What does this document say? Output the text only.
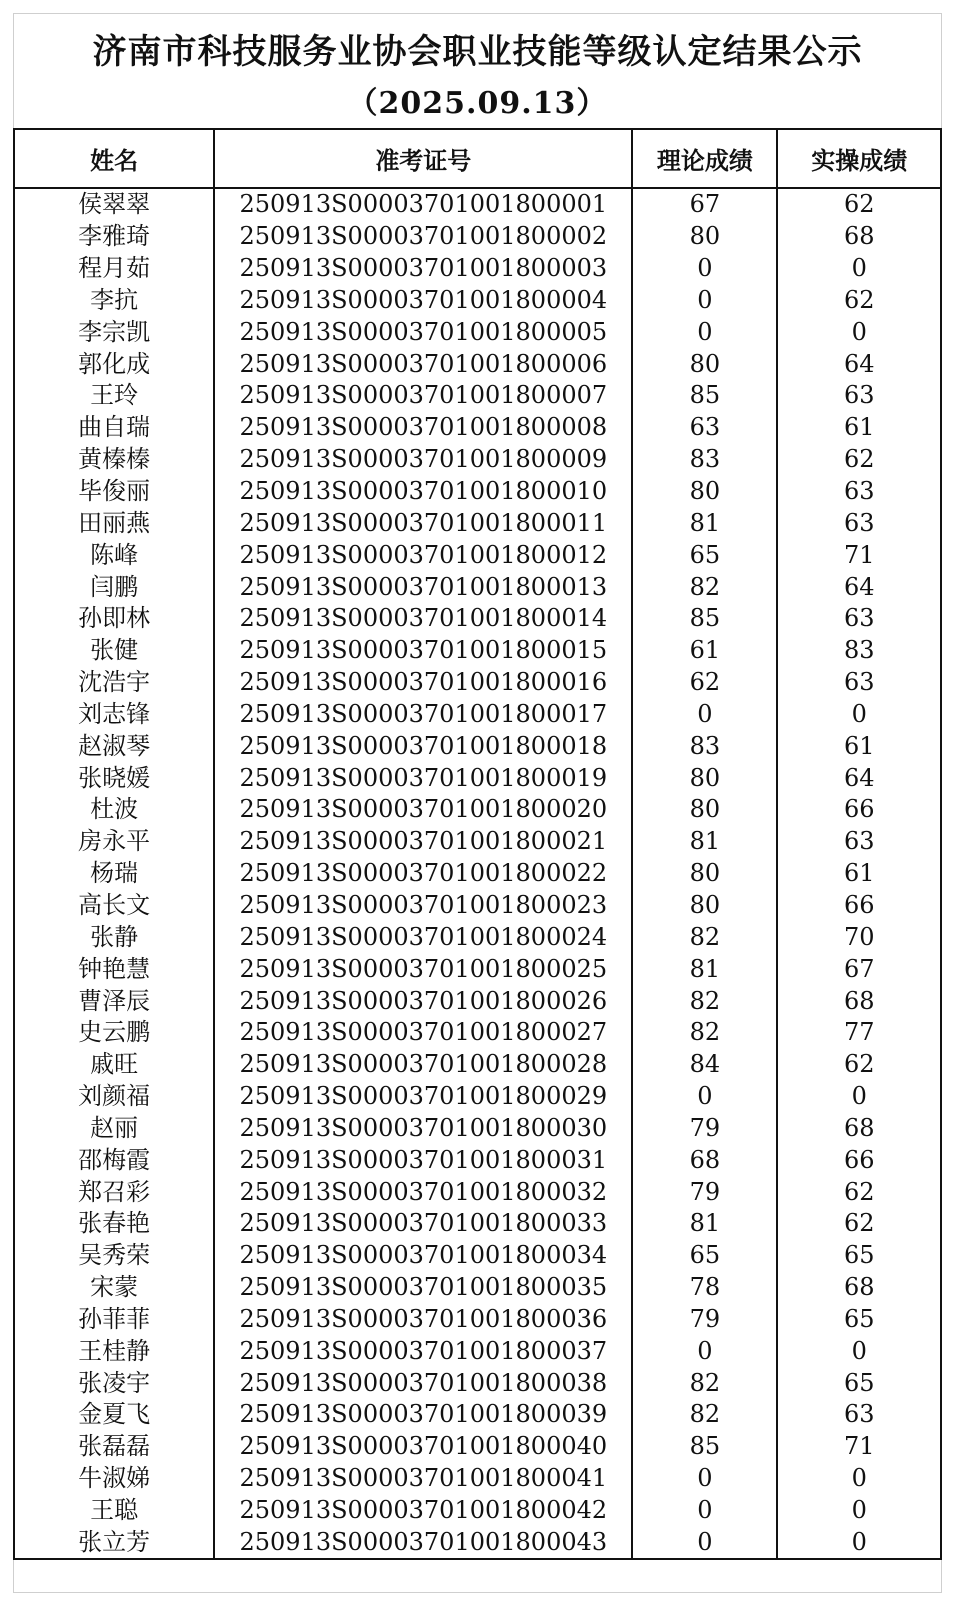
济南市科技服务业协会职业技能等级认定结果公示
（2025.09.13）
姓名	准考证号	理论成绩	实操成绩
侯翠翠	250913S00003701001800001	67	62
李雅琦	250913S00003701001800002	80	68
程月茹	250913S00003701001800003	0	0
李抗	250913S00003701001800004	0	62
李宗凯	250913S00003701001800005	0	0
郭化成	250913S00003701001800006	80	64
王玲	250913S00003701001800007	85	63
曲自瑞	250913S00003701001800008	63	61
黄榛榛	250913S00003701001800009	83	62
毕俊丽	250913S00003701001800010	80	63
田丽燕	250913S00003701001800011	81	63
陈峰	250913S00003701001800012	65	71
闫鹏	250913S00003701001800013	82	64
孙即林	250913S00003701001800014	85	63
张健	250913S00003701001800015	61	83
沈浩宇	250913S00003701001800016	62	63
刘志锋	250913S00003701001800017	0	0
赵淑琴	250913S00003701001800018	83	61
张晓媛	250913S00003701001800019	80	64
杜波	250913S00003701001800020	80	66
房永平	250913S00003701001800021	81	63
杨瑞	250913S00003701001800022	80	61
高长文	250913S00003701001800023	80	66
张静	250913S00003701001800024	82	70
钟艳慧	250913S00003701001800025	81	67
曹泽辰	250913S00003701001800026	82	68
史云鹏	250913S00003701001800027	82	77
戚旺	250913S00003701001800028	84	62
刘颜福	250913S00003701001800029	0	0
赵丽	250913S00003701001800030	79	68
邵梅霞	250913S00003701001800031	68	66
郑召彩	250913S00003701001800032	79	62
张春艳	250913S00003701001800033	81	62
吴秀荣	250913S00003701001800034	65	65
宋蒙	250913S00003701001800035	78	68
孙菲菲	250913S00003701001800036	79	65
王桂静	250913S00003701001800037	0	0
张凌宇	250913S00003701001800038	82	65
金夏飞	250913S00003701001800039	82	63
张磊磊	250913S00003701001800040	85	71
牛淑娣	250913S00003701001800041	0	0
王聪	250913S00003701001800042	0	0
张立芳	250913S00003701001800043	0	0
